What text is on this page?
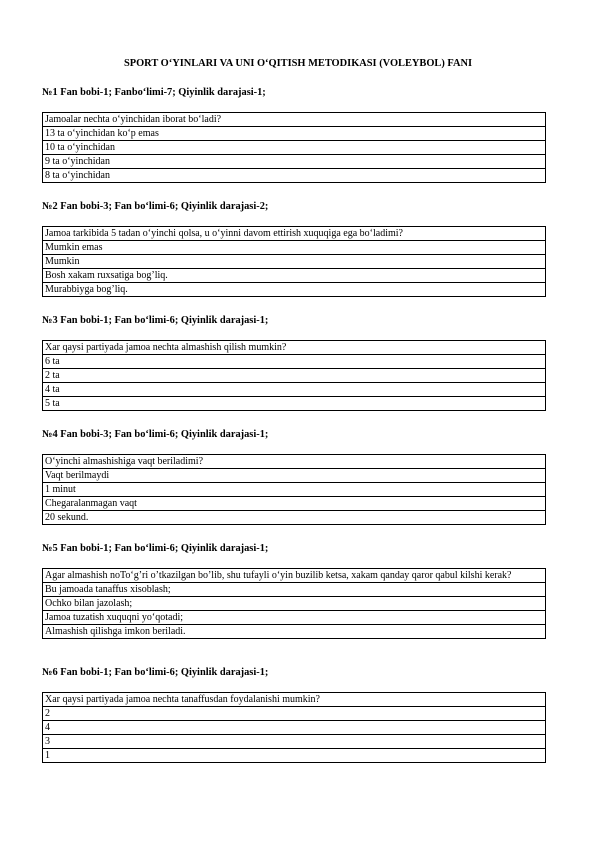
SPORT O‘YINLARI VA UNI O‘QITISH METODIKASI (VOLEYBOL) FANI

№1 Fan bobi-1; Fanbo‘limi-7; Qiyinlik darajasi-1;

Jamoalar nechta o‘yinchidan iborat bo‘ladi?
13 ta o‘yinchidan ko‘p emas
10 ta o‘yinchidan
9 ta o‘yinchidan
8 ta o‘yinchidan

№2 Fan bobi-3; Fan bo‘limi-6; Qiyinlik darajasi-2;

Jamoa tarkibida 5 tadan o‘yinchi qolsa, u o‘yinni davom ettirish xuquqiga ega bo‘ladimi?
Mumkin emas
Mumkin
Bosh xakam ruxsatiga bog’liq.
Murabbiyga bog’liq.

№3 Fan bobi-1; Fan bo‘limi-6; Qiyinlik darajasi-1;

Xar qaysi partiyada jamoa nechta almashish qilish mumkin?
6 ta
2 ta
4 ta
5 ta

№4 Fan bobi-3; Fan bo‘limi-6; Qiyinlik darajasi-1;

O‘yinchi almashishiga vaqt beriladimi?
Vaqt berilmaydi
1 minut
Chegaralanmagan vaqt
20 sekund.

№5 Fan bobi-1; Fan bo‘limi-6; Qiyinlik darajasi-1;

Agar almashish noTo‘g’ri o’tkazilgan bo’lib, shu tufayli o‘yin buzilib ketsa, xakam qanday qaror qabul kilshi kerak?
Bu jamoada tanaffus xisoblash;
Ochko bilan jazolash;
Jamoa tuzatish xuquqni yo‘qotadi;
Almashish qilishga imkon beriladi.

№6 Fan bobi-1; Fan bo‘limi-6; Qiyinlik darajasi-1;

Xar qaysi partiyada jamoa nechta tanaffusdan foydalanishi mumkin?
2
4
3
1
